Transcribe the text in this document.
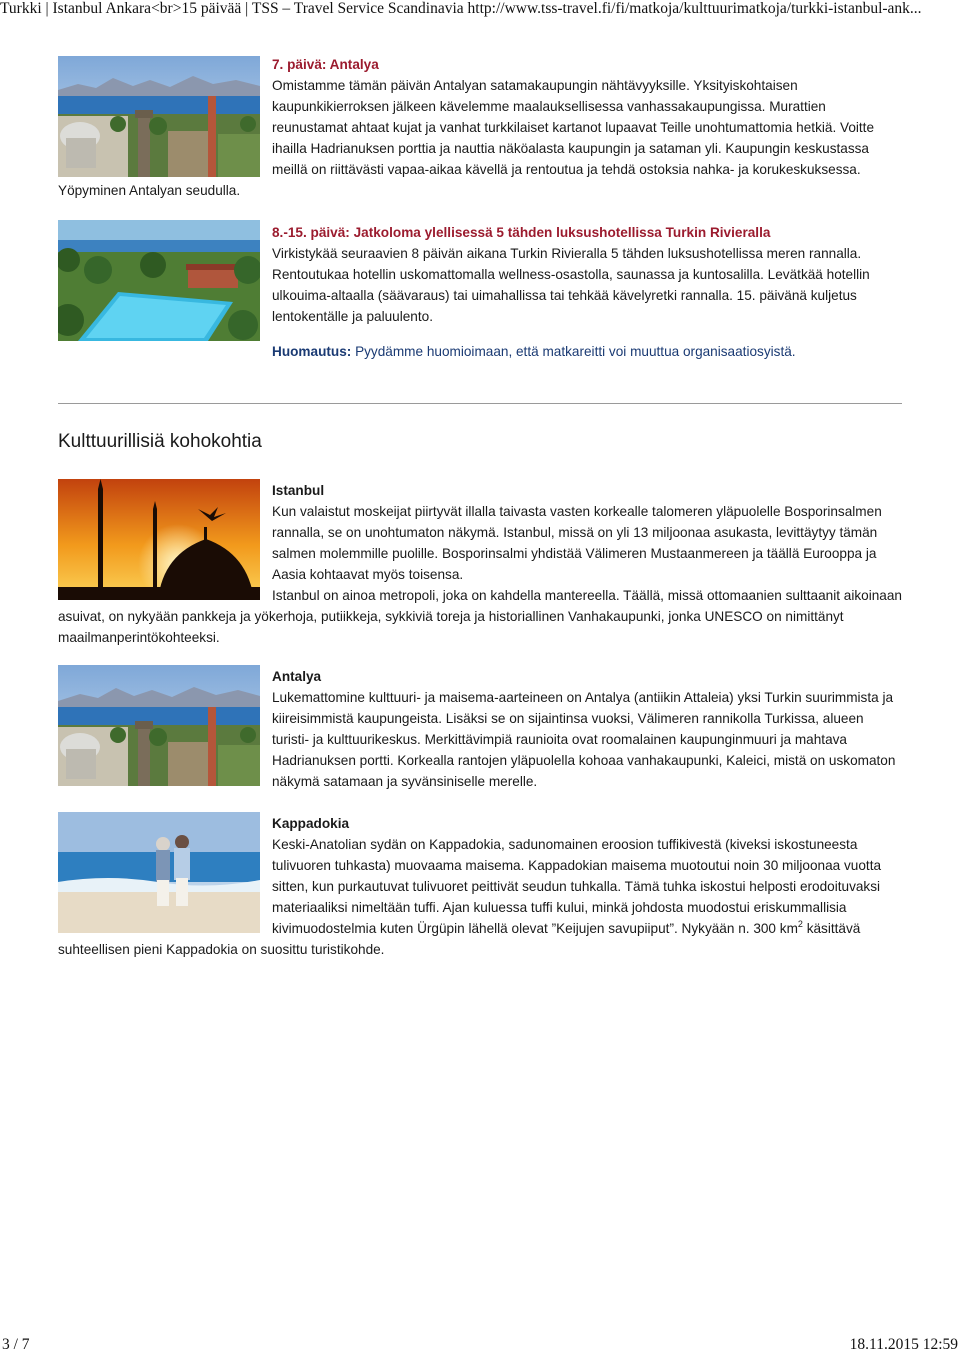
Turkki | Istanbul Ankara<br>15 päivää | TSS – Travel Service Scandinavia http://www.tss-travel.fi/fi/matkoja/kulttuurimatkoja/turkki-istanbul-ank...

7. päivä: Antalya

Omistamme tämän päivän Antalyan satamakaupungin nähtävyyksille. Yksityiskohtaisen kaupunkikierroksen jälkeen kävelemme maalauksellisessa vanhassakaupungissa. Murattien reunustamat ahtaat kujat ja vanhat turkkilaiset kartanot lupaavat Teille unohtumattomia hetkiä. Voitte ihailla Hadrianuksen porttia ja nauttia näköalasta kaupungin ja sataman yli. Kaupungin keskustassa meillä on riittävästi vapaa-aikaa kävellä ja rentoutua ja tehdä ostoksia nahka- ja korukeskuksessa. Yöpyminen Antalyan seudulla.

8.-15. päivä: Jatkoloma ylellisessä 5 tähden luksushotellissa Turkin Rivieralla

Virkistykää seuraavien 8 päivän aikana Turkin Rivieralla 5 tähden luksushotellissa meren rannalla. Rentoutukaa hotellin uskomattomalla wellness-osastolla, saunassa ja kuntosalilla. Levätkää hotellin ulkouima-altaalla (säävaraus) tai uimahallissa tai tehkää kävelyretki rannalla. 15. päivänä kuljetus lentokentälle ja paluulento.

Huomautus: Pyydämme huomioimaan, että matkareitti voi muuttua organisaatiosyistä.

Kulttuurillisiä kohokohtia

Istanbul

Kun valaistut moskeijat piirtyvät illalla taivasta vasten korkealle talomeren yläpuolelle Bosporinsalmen rannalla, se on unohtumaton näkymä. Istanbul, missä on yli 13 miljoonaa asukasta, levittäytyy tämän salmen molemmille puolille. Bosporinsalmi yhdistää Välimeren Mustaanmereen ja täällä Eurooppa ja Aasia kohtaavat myös toisensa.

Istanbul on ainoa metropoli, joka on kahdella mantereella. Täällä, missä ottomaanien sulttaanit aikoinaan asuivat, on nykyään pankkeja ja yökerhoja, putiikkeja, sykkiviä toreja ja historiallinen Vanhakaupunki, jonka UNESCO on nimittänyt maailmanperintökohteeksi.

Antalya

Lukemattomine kulttuuri- ja maisema-aarteineen on Antalya (antiikin Attaleia) yksi Turkin suurimmista ja kiireisimmistä kaupungeista. Lisäksi se on sijaintinsa vuoksi, Välimeren rannikolla Turkissa, alueen turisti- ja kulttuurikeskus. Merkittävimpiä raunioita ovat roomalainen kaupunginmuuri ja mahtava Hadrianuksen portti. Korkealla rantojen yläpuolella kohoaa vanhakaupunki, Kaleici, mistä on uskomaton näkymä satamaan ja syvänsiniselle merelle.

Kappadokia

Keski-Anatolian sydän on Kappadokia, sadunomainen eroosion tuffikivestä (kiveksi iskostuneesta tulivuoren tuhkasta) muovaama maisema. Kappadokian maisema muotoutui noin 30 miljoonaa vuotta sitten, kun purkautuvat tulivuoret peittivät seudun tuhkalla. Tämä tuhka iskostui helposti erodoituvaksi materiaaliksi nimeltään tuffi. Ajan kuluessa tuffi kului, minkä johdosta muodostui eriskummallisia kivimuodostelmia kuten Ürgüpin lähellä olevat ”Keijujen savupiiput”. Nykyään n. 300 $km^2$ käsittävä suhteellisen pieni Kappadokia on suosittu turistikohde.

3 / 7	18.11.2015 12:59
